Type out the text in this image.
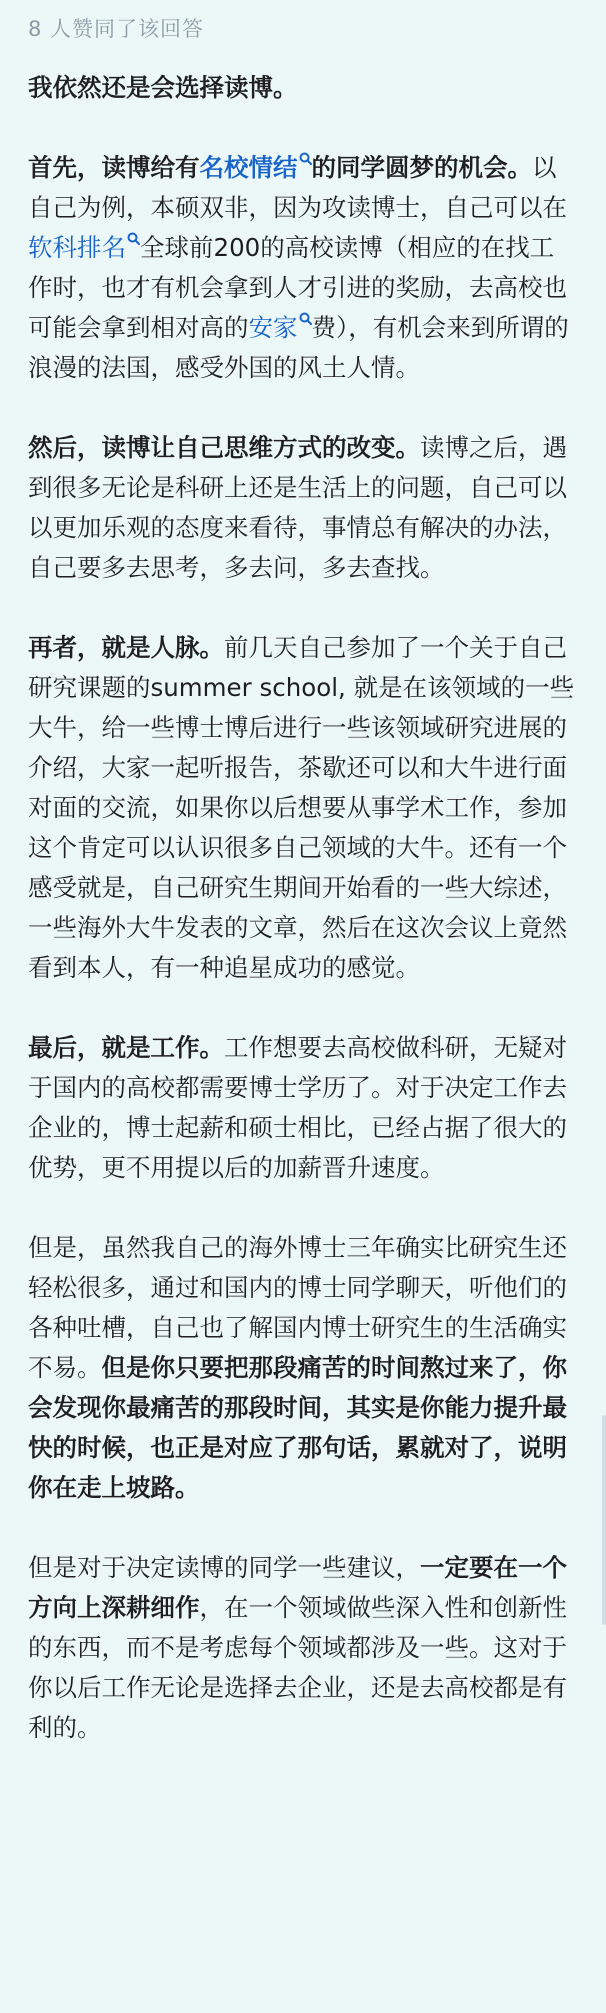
8 人赞同了该回答

我依然还是会选择读博。

首先，读博给有名校情结 的同学圆梦的机会。以自己为例，本硕双非，因为攻读博士，自己可以在软科排名 全球前200的高校读博（相应的在找工作时，也才有机会拿到人才引进的奖励，去高校也可能会拿到相对高的安家 费），有机会来到所谓的浪漫的法国，感受外国的风土人情。

然后，读博让自己思维方式的改变。读博之后，遇到很多无论是科研上还是生活上的问题，自己可以以更加乐观的态度来看待，事情总有解决的办法，自己要多去思考，多去问，多去查找。

再者，就是人脉。前几天自己参加了一个关于自己研究课题的summer school, 就是在该领域的一些大牛，给一些博士博后进行一些该领域研究进展的介绍，大家一起听报告，茶歇还可以和大牛进行面对面的交流，如果你以后想要从事学术工作，参加这个肯定可以认识很多自己领域的大牛。还有一个感受就是，自己研究生期间开始看的一些大综述，一些海外大牛发表的文章，然后在这次会议上竟然看到本人，有一种追星成功的感觉。

最后，就是工作。工作想要去高校做科研，无疑对于国内的高校都需要博士学历了。对于决定工作去企业的，博士起薪和硕士相比，已经占据了很大的优势，更不用提以后的加薪晋升速度。

但是，虽然我自己的海外博士三年确实比研究生还轻松很多，通过和国内的博士同学聊天，听他们的各种吐槽，自己也了解国内博士研究生的生活确实不易。但是你只要把那段痛苦的时间熬过来了，你会发现你最痛苦的那段时间，其实是你能力提升最快的时候，也正是对应了那句话，累就对了，说明你在走上坡路。

但是对于决定读博的同学一些建议，一定要在一个方向上深耕细作，在一个领域做些深入性和创新性的东西，而不是考虑每个领域都涉及一些。这对于你以后工作无论是选择去企业，还是去高校都是有利的。
